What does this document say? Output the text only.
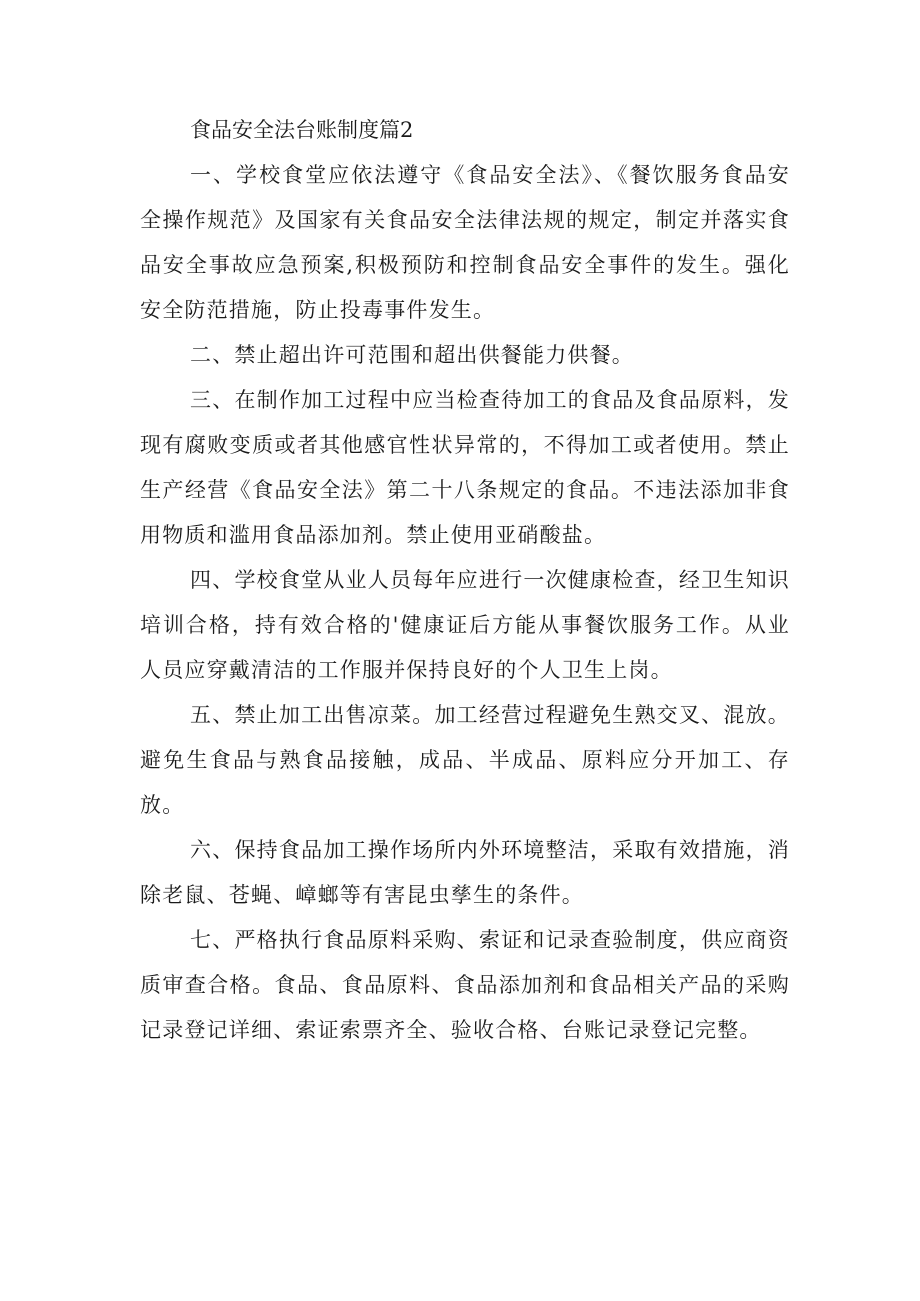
食品安全法台账制度篇2

一、学校食堂应依法遵守《食品安全法》、《餐饮服务食品安全操作规范》及国家有关食品安全法律法规的规定，制定并落实食品安全事故应急预案,积极预防和控制食品安全事件的发生。强化安全防范措施，防止投毒事件发生。

二、禁止超出许可范围和超出供餐能力供餐。

三、在制作加工过程中应当检查待加工的食品及食品原料，发现有腐败变质或者其他感官性状异常的，不得加工或者使用。禁止生产经营《食品安全法》第二十八条规定的食品。不违法添加非食用物质和滥用食品添加剂。禁止使用亚硝酸盐。

四、学校食堂从业人员每年应进行一次健康检查，经卫生知识培训合格，持有效合格的'健康证后方能从事餐饮服务工作。从业人员应穿戴清洁的工作服并保持良好的个人卫生上岗。

五、禁止加工出售凉菜。加工经营过程避免生熟交叉、混放。避免生食品与熟食品接触，成品、半成品、原料应分开加工、存放。

六、保持食品加工操作场所内外环境整洁，采取有效措施，消除老鼠、苍蝇、嶂螂等有害昆虫孳生的条件。

七、严格执行食品原料采购、索证和记录查验制度，供应商资质审查合格。食品、食品原料、食品添加剂和食品相关产品的采购记录登记详细、索证索票齐全、验收合格、台账记录登记完整。
